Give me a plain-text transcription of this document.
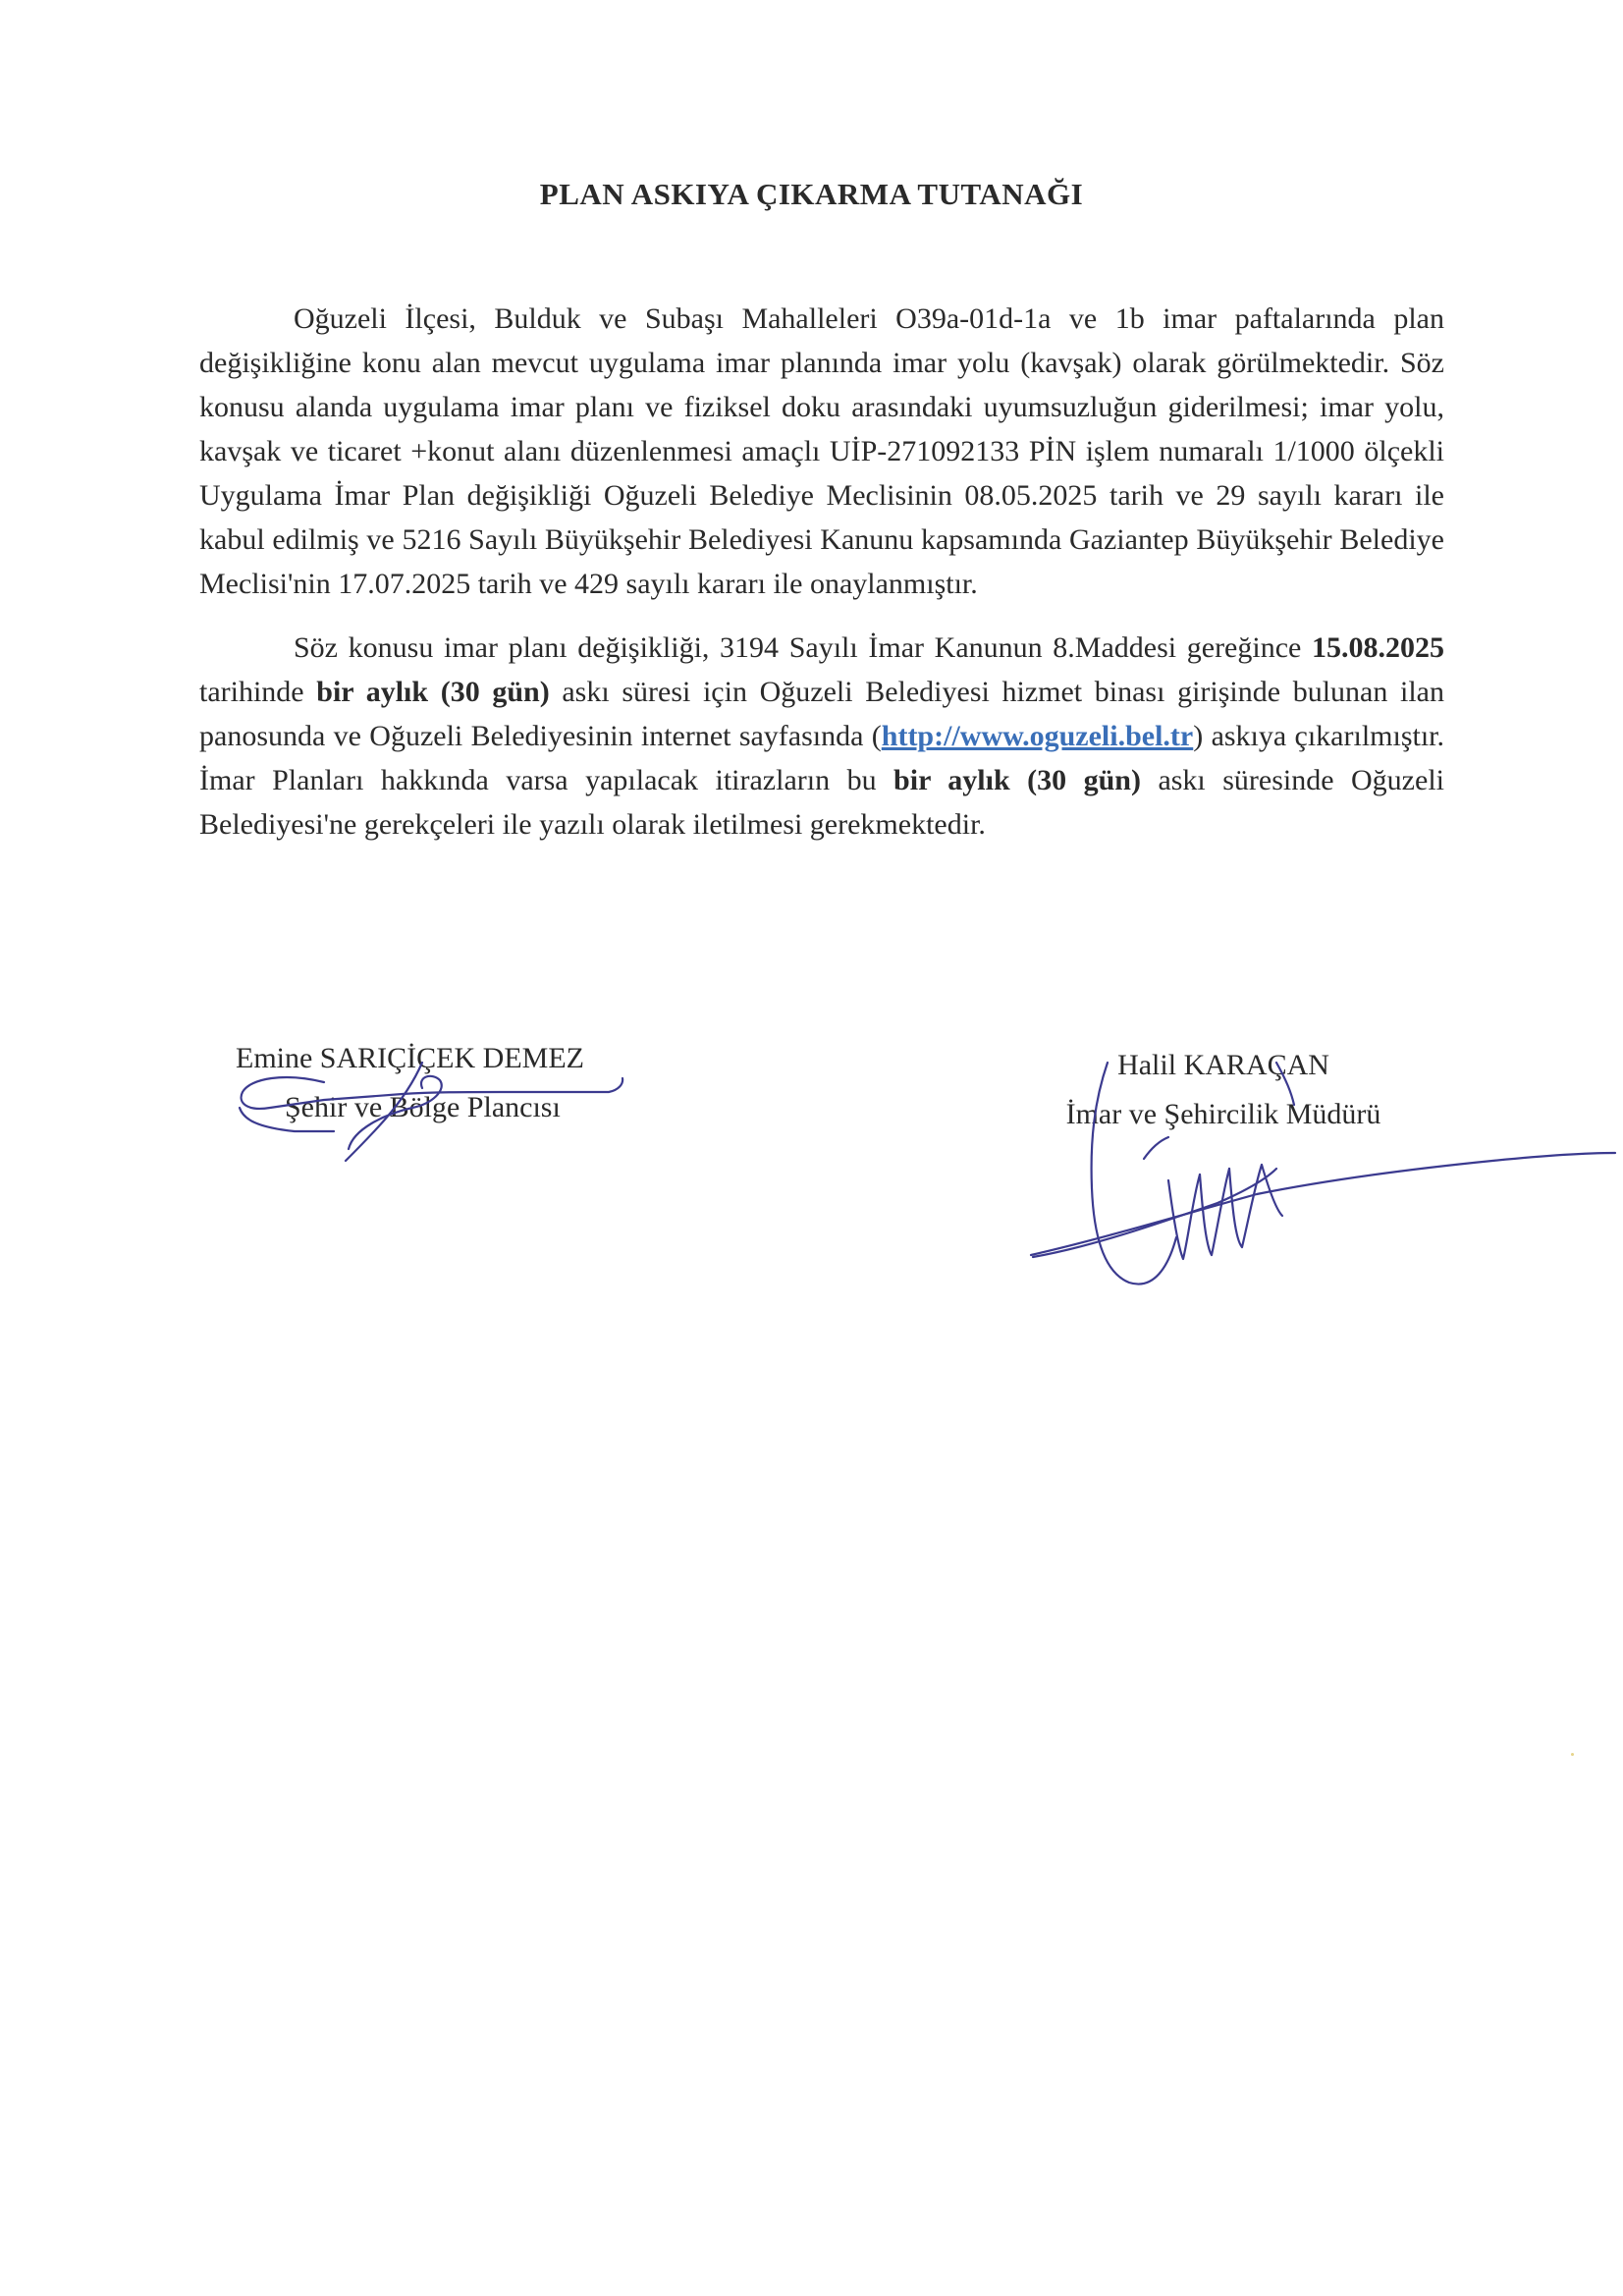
PLAN ASKIYA ÇIKARMA TUTANAĞI

Oğuzeli İlçesi, Bulduk ve Subaşı Mahalleleri O39a-01d-1a ve 1b imar paftalarında plan değişikliğine konu alan mevcut uygulama imar planında imar yolu (kavşak) olarak görülmektedir. Söz konusu alanda uygulama imar planı ve fiziksel doku arasındaki uyumsuzluğun giderilmesi; imar yolu, kavşak ve ticaret +konut alanı düzenlenmesi amaçlı UİP-271092133 PİN işlem numaralı 1/1000 ölçekli Uygulama İmar Plan değişikliği Oğuzeli Belediye Meclisinin 08.05.2025 tarih ve 29 sayılı kararı ile kabul edilmiş ve 5216 Sayılı Büyükşehir Belediyesi Kanunu kapsamında Gaziantep Büyükşehir Belediye Meclisi'nin 17.07.2025 tarih ve 429 sayılı kararı ile onaylanmıştır.

Söz konusu imar planı değişikliği, 3194 Sayılı İmar Kanunun 8.Maddesi gereğince 15.08.2025 tarihinde bir aylık (30 gün) askı süresi için Oğuzeli Belediyesi hizmet binası girişinde bulunan ilan panosunda ve Oğuzeli Belediyesinin internet sayfasında (http://www.oguzeli.bel.tr) askıya çıkarılmıştır. İmar Planları hakkında varsa yapılacak itirazların bu bir aylık (30 gün) askı süresinde Oğuzeli Belediyesi'ne gerekçeleri ile yazılı olarak iletilmesi gerekmektedir.

Emine SARIÇİÇEK DEMEZ
Şehir ve Bölge Plancısı
Halil KARAÇAN
İmar ve Şehircilik Müdürü
